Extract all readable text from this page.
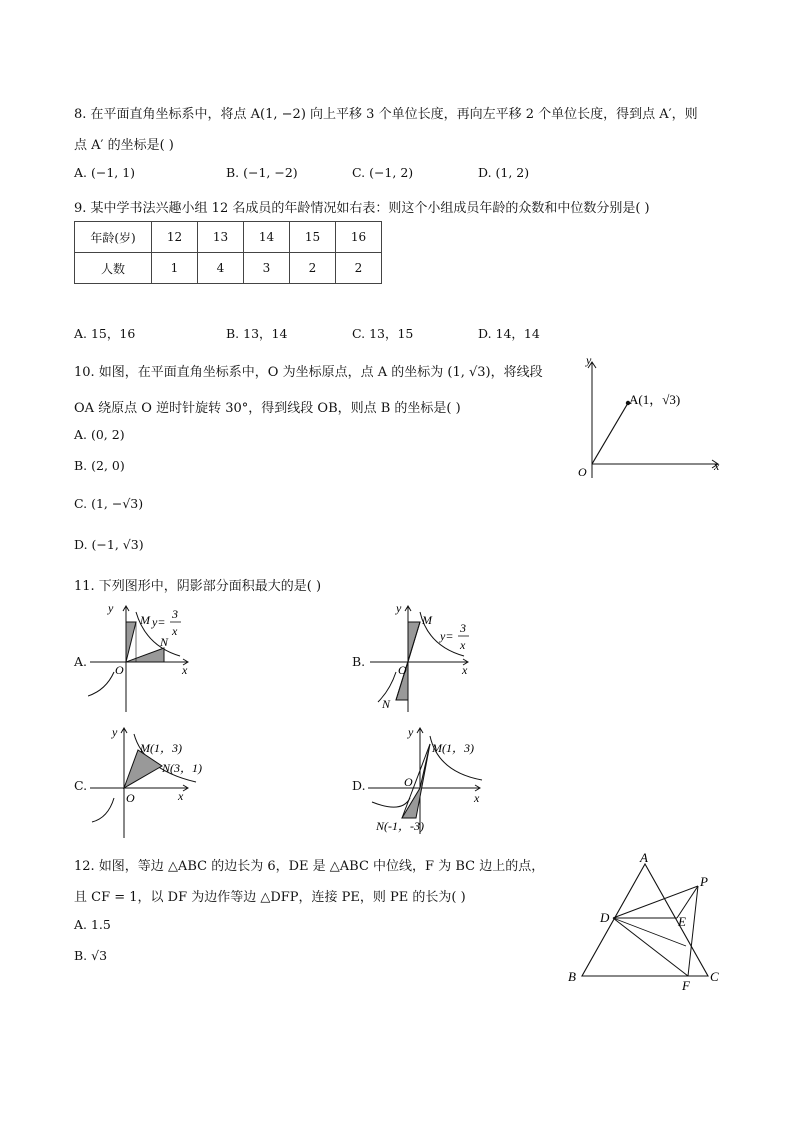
8. 在平面直角坐标系中，将点 A(1, −2) 向上平移 3 个单位长度，再向左平移 2 个单位长度，得到点 A′，则
点 A′ 的坐标是( )
A. (−1, 1)	B. (−1, −2)	C. (−1, 2)	D. (1, 2)
9. 某中学书法兴趣小组 12 名成员的年龄情况如右表：则这个小组成员年龄的众数和中位数分别是( )
年龄(岁)	12	13	14	15	16
人数	1	4	3	2	2
A. 15，16	B. 13，14	C. 13，15	D. 14，14
10. 如图，在平面直角坐标系中，O 为坐标原点，点 A 的坐标为 (1, √3)，将线段
OA 绕原点 O 逆时针旋转 30°，得到线段 OB，则点 B 的坐标是( )
A. (0, 2)
B. (2, 0)
C. (1, −√3)
D. (−1, √3)
y
x
O
A(1，√3)
11. 下列图形中，阴影部分面积最大的是( )
A.
y
x
O
M
N
y=
3
x
B.
y
x
O
M
N
y=
3
x
C.
y
x
O
M(1，3)
N(3，1)
D.
y
x
O
M(1，3)
N(-1，-3)
12. 如图，等边 △ABC 的边长为 6，DE 是 △ABC 中位线，F 为 BC 边上的点，
且 CF = 1，以 DF 为边作等边 △DFP，连接 PE，则 PE 的长为( )
A. 1.5
B. √3
A
B	C
D	E
F
P
